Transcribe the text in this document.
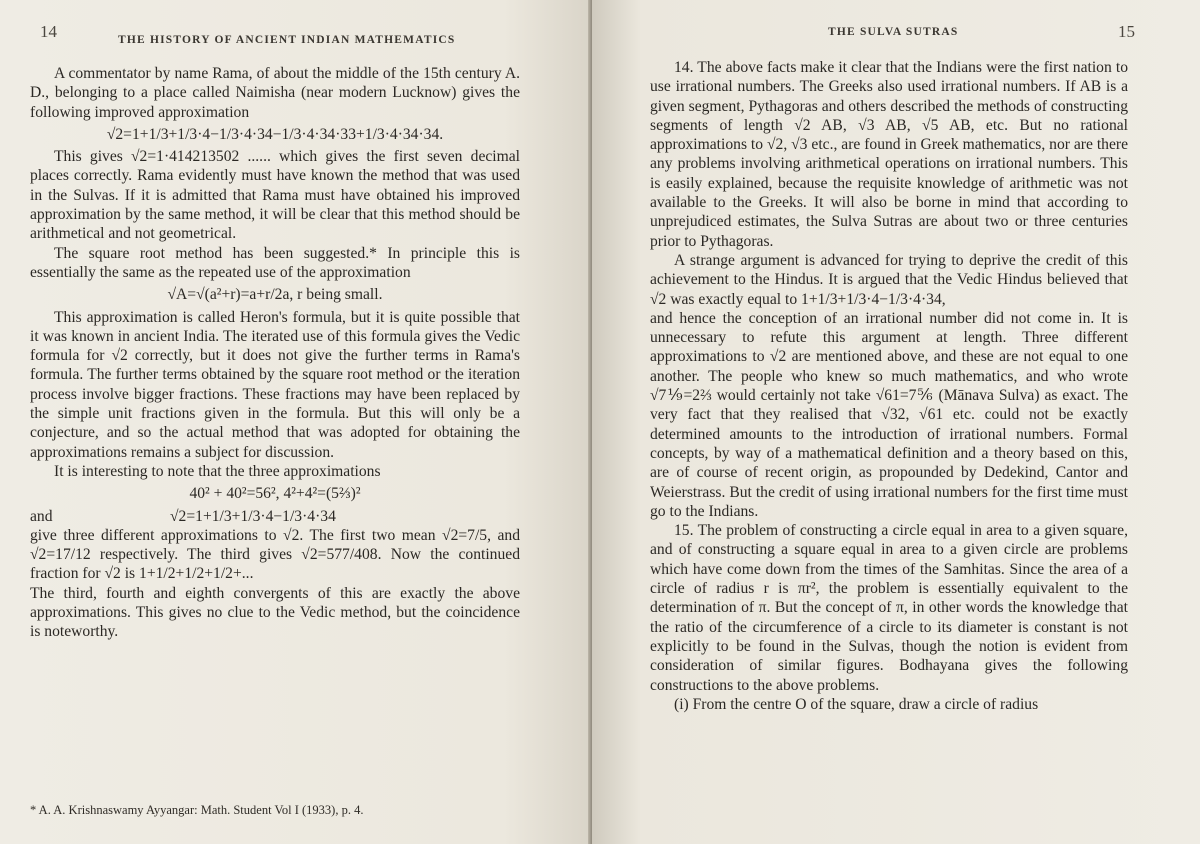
14	THE HISTORY OF ANCIENT INDIAN MATHEMATICS

A commentator by name Rama, of about the middle of the 15th century A. D., belonging to a place called Naimisha (near modern Lucknow) gives the following improved approximation

√2=1+1/3+1/3·4−1/3·4·34−1/3·4·34·33+1/3·4·34·34.

This gives √2=1·414213502 ...... which gives the first seven decimal places correctly. Rama evidently must have known the method that was used in the Sulvas. If it is admitted that Rama must have obtained his improved approximation by the same method, it will be clear that this method should be arithmetical and not geometrical.

The square root method has been suggested.* In principle this is essentially the same as the repeated use of the approximation

√A=√(a²+r)=a+r/2a, r being small.

This approximation is called Heron's formula, but it is quite possible that it was known in ancient India. The iterated use of this formula gives the Vedic formula for √2 correctly, but it does not give the further terms in Rama's formula. The further terms obtained by the square root method or the iteration process involve bigger fractions. These fractions may have been replaced by the simple unit fractions given in the formula. But this will only be a conjecture, and so the actual method that was adopted for obtaining the approximations remains a subject for discussion.

It is interesting to note that the three approximations

40² + 40²=56², 4²+4²=(5⅔)²
and	√2=1+1/3+1/3·4−1/3·4·34

give three different approximations to √2. The first two mean √2=7/5, and √2=17/12 respectively. The third gives √2=577/408. Now the continued fraction for √2 is 1+1/2+1/2+1/2+...

The third, fourth and eighth convergents of this are exactly the above approximations. This gives no clue to the Vedic method, but the coincidence is noteworthy.

* A. A. Krishnaswamy Ayyangar: Math. Student Vol I (1933), p. 4.
THE SULVA SUTRAS	15

14. The above facts make it clear that the Indians were the first nation to use irrational numbers. The Greeks also used irrational numbers. If AB is a given segment, Pythagoras and others described the methods of constructing segments of length √2 AB, √3 AB, √5 AB, etc. But no rational approximations to √2, √3 etc., are found in Greek mathematics, nor are there any problems involving arithmetical operations on irrational numbers. This is easily explained, because the requisite knowledge of arithmetic was not available to the Greeks. It will also be borne in mind that according to unprejudiced estimates, the Sulva Sutras are about two or three centuries prior to Pythagoras.

A strange argument is advanced for trying to deprive the credit of this achievement to the Hindus. It is argued that the Vedic Hindus believed that √2 was exactly equal to 1+1/3+1/3·4−1/3·4·34,

and hence the conception of an irrational number did not come in. It is unnecessary to refute this argument at length. Three different approximations to √2 are mentioned above, and these are not equal to one another. The people who knew so much mathematics, and who wrote √7⅑=2⅔ would certainly not take √61=7⅚ (Mānava Sulva) as exact. The very fact that they realised that √32, √61 etc. could not be exactly determined amounts to the introduction of irrational numbers. Formal concepts, by way of a mathematical definition and a theory based on this, are of course of recent origin, as propounded by Dedekind, Cantor and Weierstrass. But the credit of using irrational numbers for the first time must go to the Indians.

15. The problem of constructing a circle equal in area to a given square, and of constructing a square equal in area to a given circle are problems which have come down from the times of the Samhitas. Since the area of a circle of radius r is πr², the problem is essentially equivalent to the determination of π. But the concept of π, in other words the knowledge that the ratio of the circumference of a circle to its diameter is constant is not explicitly to be found in the Sulvas, though the notion is evident from consideration of similar figures. Bodhayana gives the following constructions to the above problems.

(i) From the centre O of the square, draw a circle of radius
